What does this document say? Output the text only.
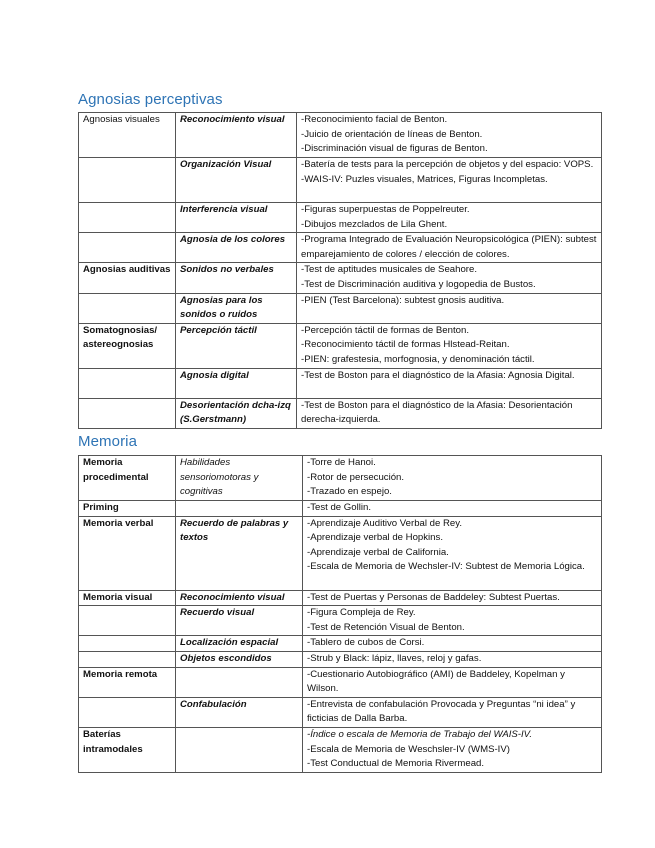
Agnosias perceptivas
Agnosias visuales	Reconocimiento visual	-Reconocimiento facial de Benton.
-Juicio de orientación de líneas de Benton.
-Discriminación visual de figuras de Benton.

	Organización Visual	-Batería de tests para la percepción de objetos y del espacio: VOPS.
-WAIS-IV: Puzles visuales, Matrices, Figuras Incompletas.

	Interferencia visual	-Figuras superpuestas de Poppelreuter.
-Dibujos mezclados de Lila Ghent.

	Agnosia de los colores	-Programa Integrado de Evaluación Neuropsicológica (PIEN): subtest emparejamiento de colores / elección de colores.

Agnosias auditivas	Sonidos no verbales	-Test de aptitudes musicales de Seahore.
-Test de Discriminación auditiva y logopedia de Bustos.

	Agnosias para los sonidos o ruidos	-PIEN (Test Barcelona): subtest gnosis auditiva.

Somatognosias/ astereognosias	Percepción táctil	-Percepción táctil de formas de Benton.
-Reconocimiento táctil de formas Hlstead-Reitan.
-PIEN: grafestesia, morfognosia, y denominación táctil.

	Agnosia digital	-Test de Boston para el diagnóstico de la Afasia: Agnosia Digital.

	Desorientación dcha-izq (S.Gerstmann)	-Test de Boston para el diagnóstico de la Afasia: Desorientación derecha-izquierda.
Memoria
Memoria procedimental	Habilidades sensoriomotoras y cognitivas	-Torre de Hanoi.
-Rotor de persecución.
-Trazado en espejo.

Priming		-Test de Gollin.

Memoria verbal	Recuerdo de palabras y textos	-Aprendizaje Auditivo Verbal de Rey.
-Aprendizaje verbal de Hopkins.
-Aprendizaje verbal de California.
-Escala de Memoria de Wechsler-IV: Subtest de Memoria Lógica.

Memoria visual	Reconocimiento visual	-Test de Puertas y Personas de Baddeley: Subtest Puertas.

	Recuerdo visual	-Figura Compleja de Rey.
-Test de Retención Visual de Benton.

	Localización espacial	-Tablero de cubos de Corsi.

	Objetos escondidos	-Strub y Black: lápiz, llaves, reloj y gafas.

Memoria remota		-Cuestionario Autobiográfico (AMI) de Baddeley, Kopelman y Wilson.

	Confabulación	-Entrevista de confabulación Provocada y Preguntas “ni idea” y ficticias de Dalla Barba.

Baterías intramodales		-Índice o escala de Memoria de Trabajo del WAIS-IV.
-Escala de Memoria de Weschsler-IV (WMS-IV)
-Test Conductual de Memoria Rivermead.
